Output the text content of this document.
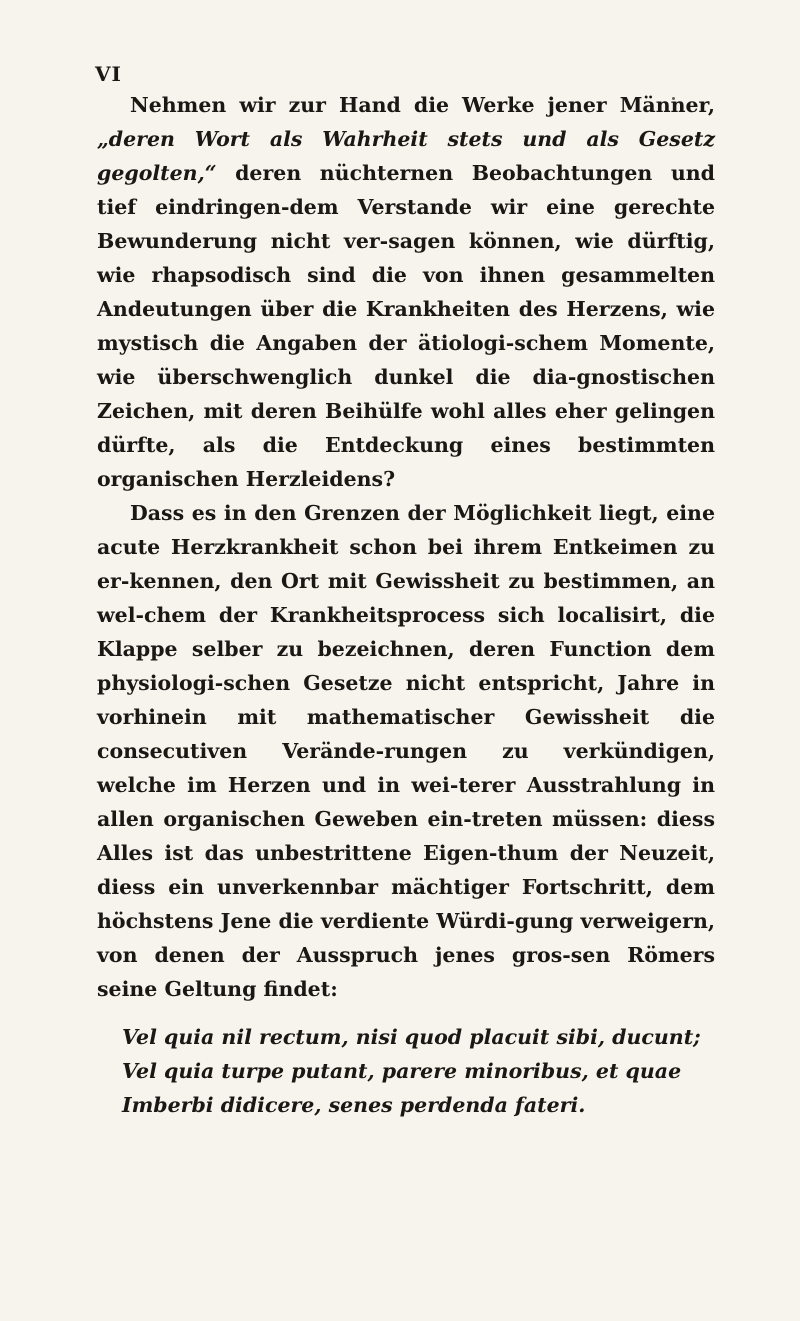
VI

Nehmen wir zur Hand die Werke jener Männer, „deren Wort als Wahrheit stets und als Gesetz gegolten,“ deren nüchternen Beobachtungen und tief eindringen-dem Verstande wir eine gerechte Bewunderung nicht ver-sagen können, wie dürftig, wie rhapsodisch sind die von ihnen gesammelten Andeutungen über die Krankheiten des Herzens, wie mystisch die Angaben der ätiologi-schem Momente, wie überschwenglich dunkel die dia-gnostischen Zeichen, mit deren Beihülfe wohl alles eher gelingen dürfte, als die Entdeckung eines bestimmten organischen Herzleidens?

Dass es in den Grenzen der Möglichkeit liegt, eine acute Herzkrankheit schon bei ihrem Entkeimen zu er-kennen, den Ort mit Gewissheit zu bestimmen, an wel-chem der Krankheitsprocess sich localisirt, die Klappe selber zu bezeichnen, deren Function dem physiologi-schen Gesetze nicht entspricht, Jahre in vorhinein mit mathematischer Gewissheit die consecutiven Verände-rungen zu verkündigen, welche im Herzen und in wei-terer Ausstrahlung in allen organischen Geweben ein-treten müssen: diess Alles ist das unbestrittene Eigen-thum der Neuzeit, diess ein unverkennbar mächtiger Fortschritt, dem höchstens Jene die verdiente Würdi-gung verweigern, von denen der Ausspruch jenes gros-sen Römers seine Geltung findet:

Vel quia nil rectum, nisi quod placuit sibi, ducunt;
Vel quia turpe putant, parere minoribus, et quae
Imberbi didicere, senes perdenda fateri.
